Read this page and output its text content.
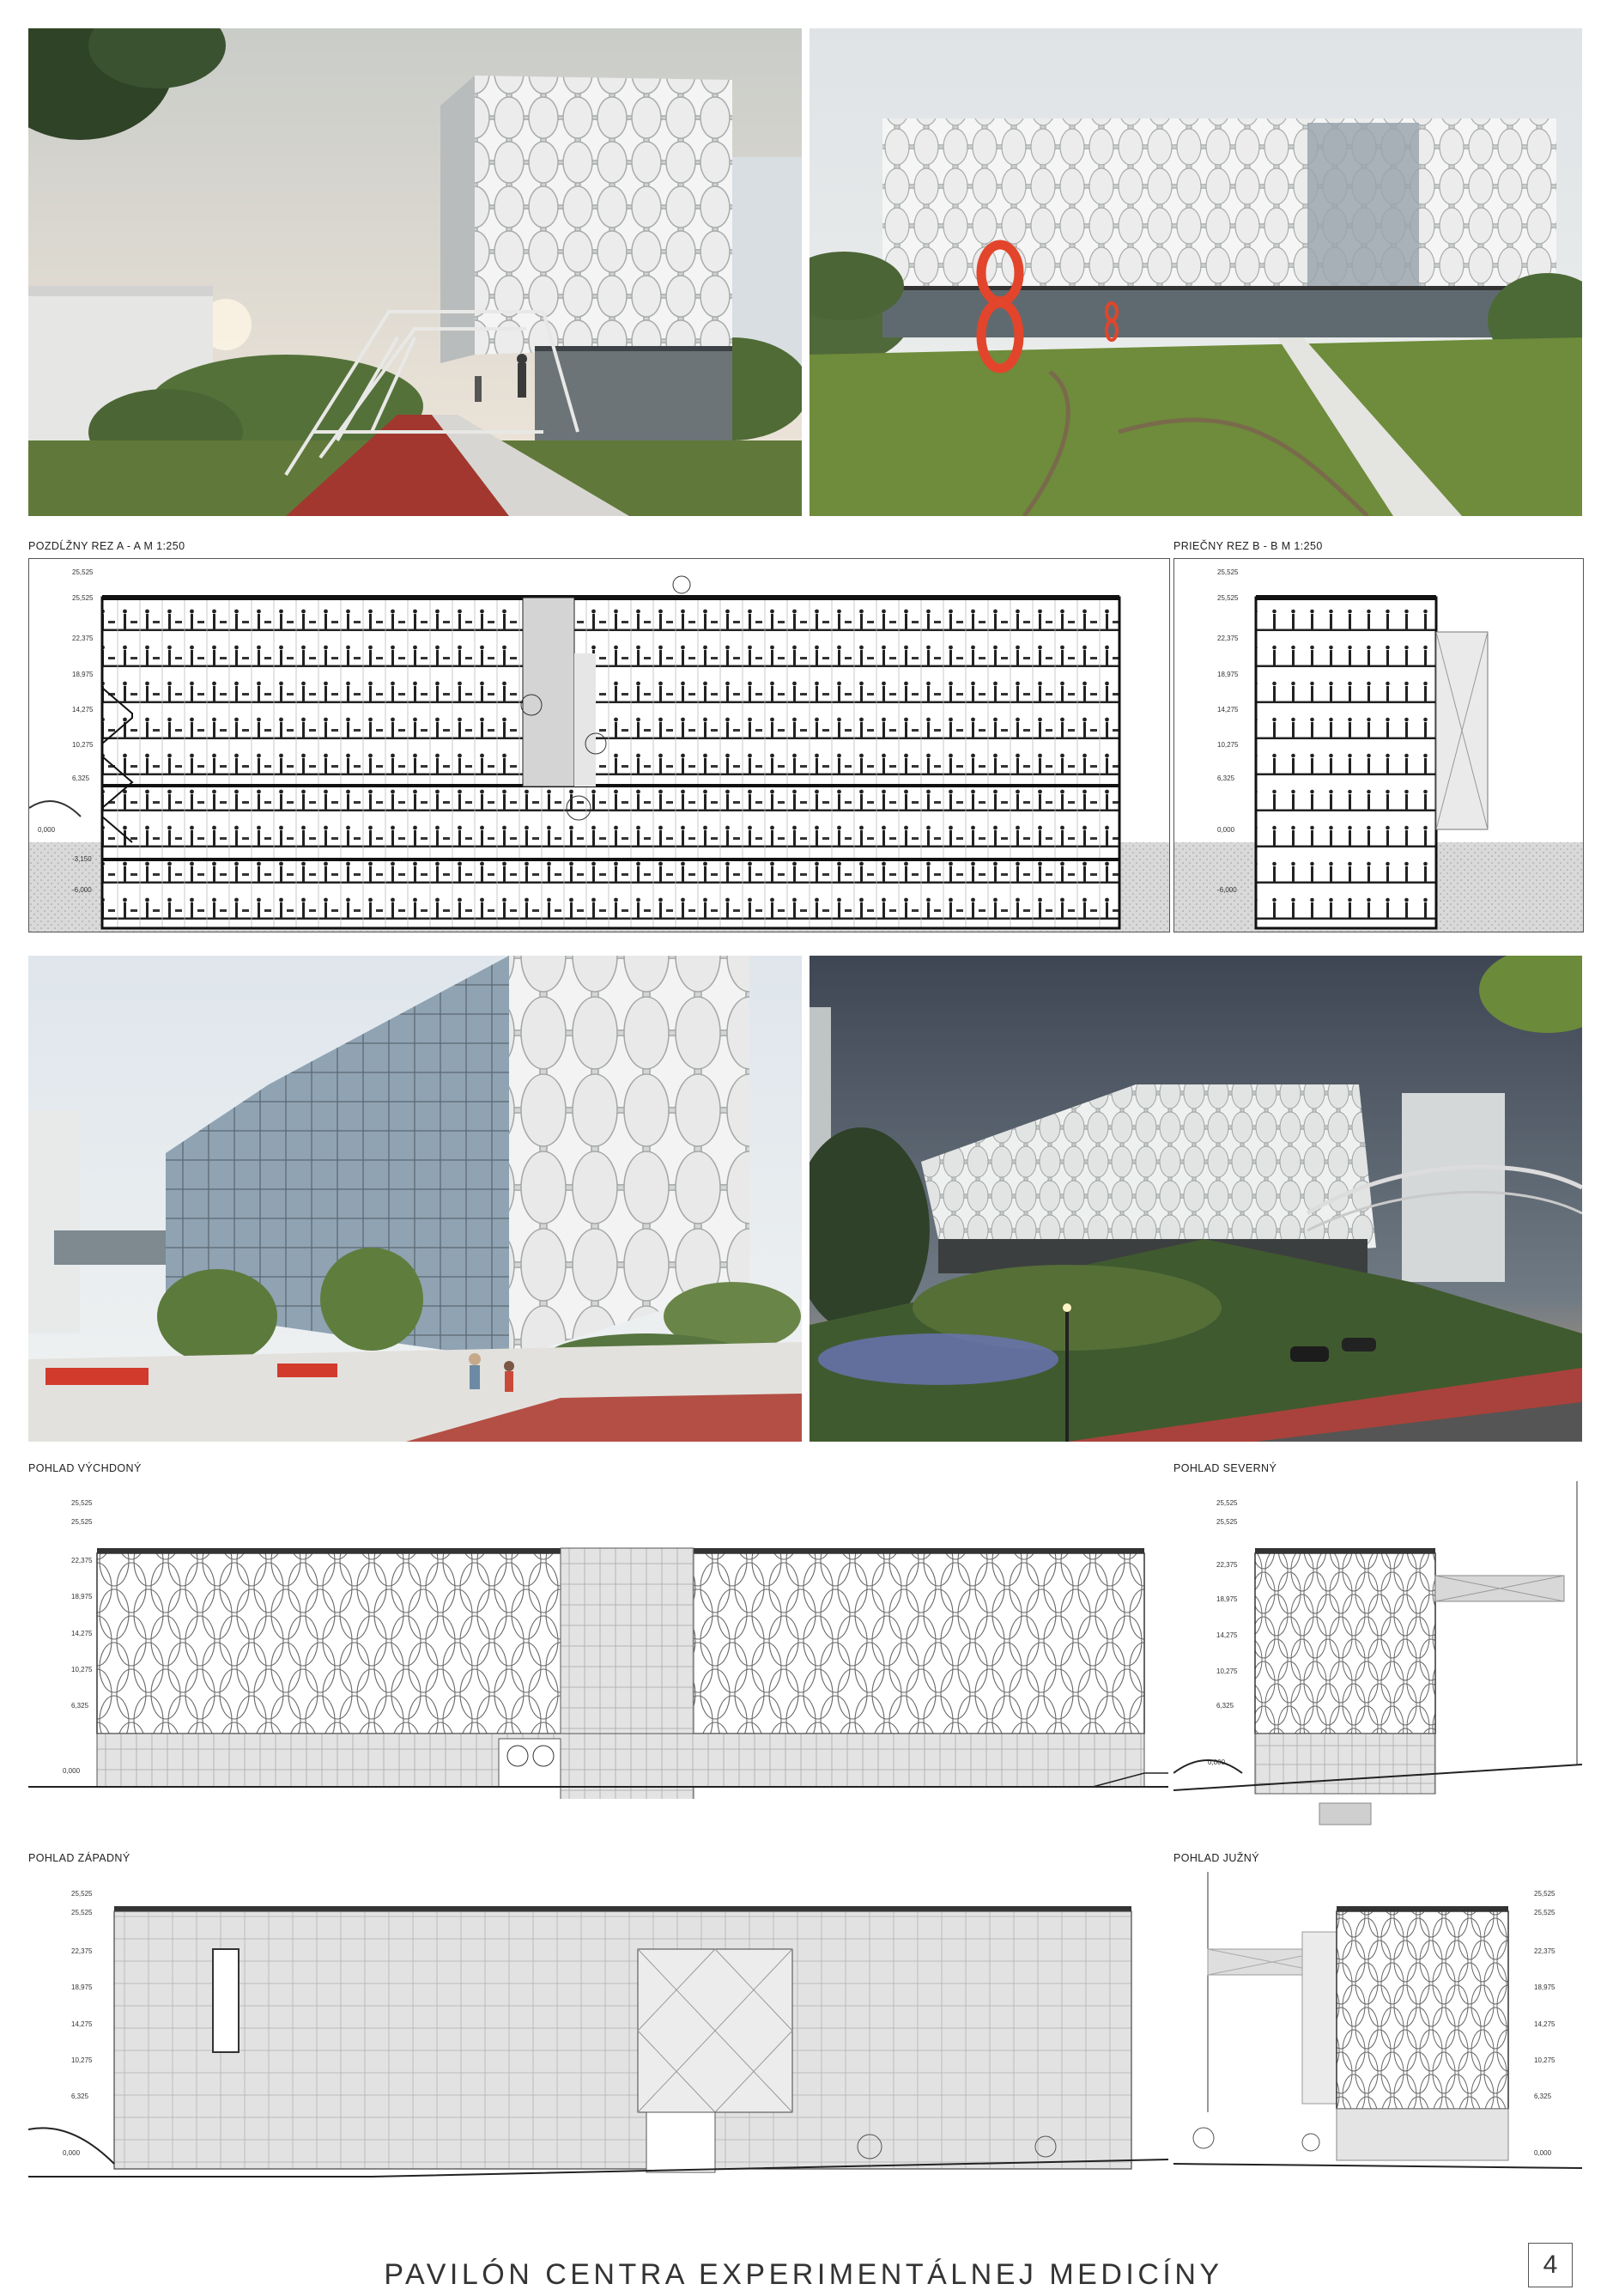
POZDĹŽNY REZ A - A M 1:250
25,525
25,525
22,375
18,975
14,275
10,275
6,325
0,000
-3,150
-6,000
PRIEČNY REZ B - B M 1:250
25,525
25,525
22,375
18,975
14,275
10,275
6,325
0,000
-6,000
POHLAD VÝCHDONÝ
25,525
25,525
22,375
18,975
14,275
10,275
6,325
0,000
POHLAD SEVERNÝ
25,525
25,525
22,375
18,975
14,275
10,275
6,325
0,000
POHLAD ZÁPADNÝ
25,525
25,525
22,375
18,975
14,275
10,275
6,325
0,000
POHLAD JUŽNÝ
25,525
25,525
22,375
18,975
14,275
10,275
6,325
0,000
PAVILÓN CENTRA EXPERIMENTÁLNEJ MEDICÍNY	4
